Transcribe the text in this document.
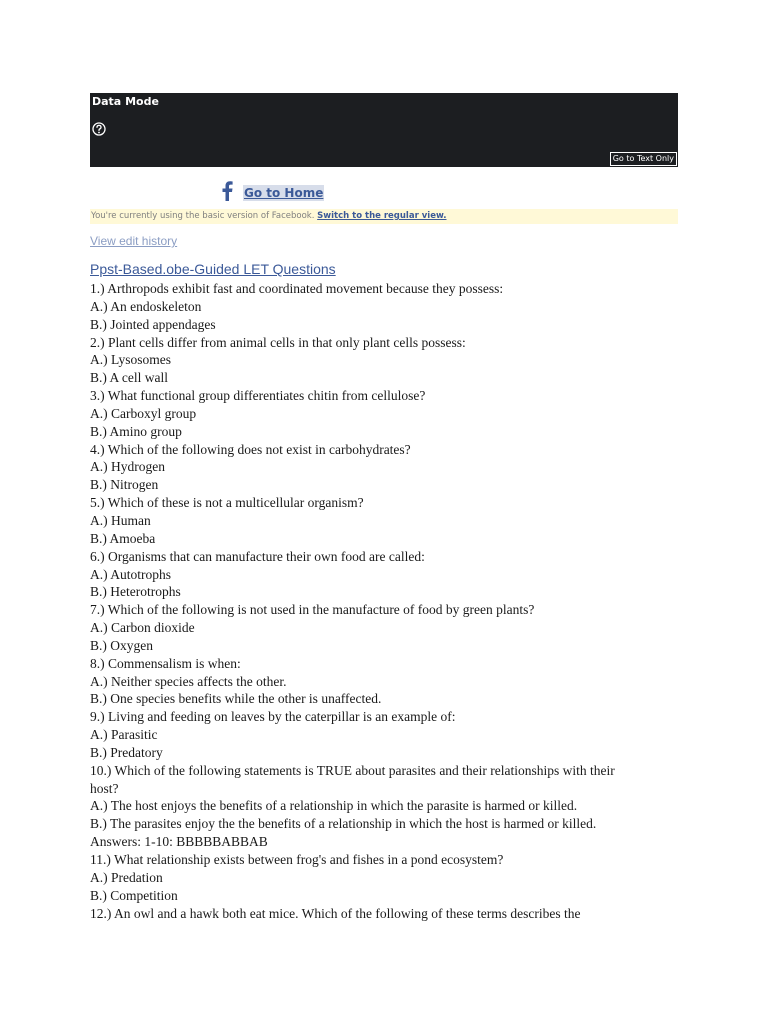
Data Mode
Go to Text Only
Go to Home
You're currently using the basic version of Facebook. Switch to the regular view.
View edit history
Ppst-Based.obe-Guided LET Questions
1.) Arthropods exhibit fast and coordinated movement because they possess:
A.) An endoskeleton
B.) Jointed appendages
2.) Plant cells differ from animal cells in that only plant cells possess:
A.) Lysosomes
B.) A cell wall
3.) What functional group differentiates chitin from cellulose?
A.) Carboxyl group
B.) Amino group
4.) Which of the following does not exist in carbohydrates?
A.) Hydrogen
B.) Nitrogen
5.) Which of these is not a multicellular organism?
A.) Human
B.) Amoeba
6.) Organisms that can manufacture their own food are called:
A.) Autotrophs
B.) Heterotrophs
7.) Which of the following is not used in the manufacture of food by green plants?
A.) Carbon dioxide
B.) Oxygen
8.) Commensalism is when:
A.) Neither species affects the other.
B.) One species benefits while the other is unaffected.
9.) Living and feeding on leaves by the caterpillar is an example of:
A.) Parasitic
B.) Predatory
10.) Which of the following statements is TRUE about parasites and their relationships with their
host?
A.) The host enjoys the benefits of a relationship in which the parasite is harmed or killed.
B.) The parasites enjoy the the benefits of a relationship in which the host is harmed or killed.
Answers: 1-10: BBBBBABBAB
11.) What relationship exists between frog's and fishes in a pond ecosystem?
A.) Predation
B.) Competition
12.) An owl and a hawk both eat mice. Which of the following of these terms describes the
